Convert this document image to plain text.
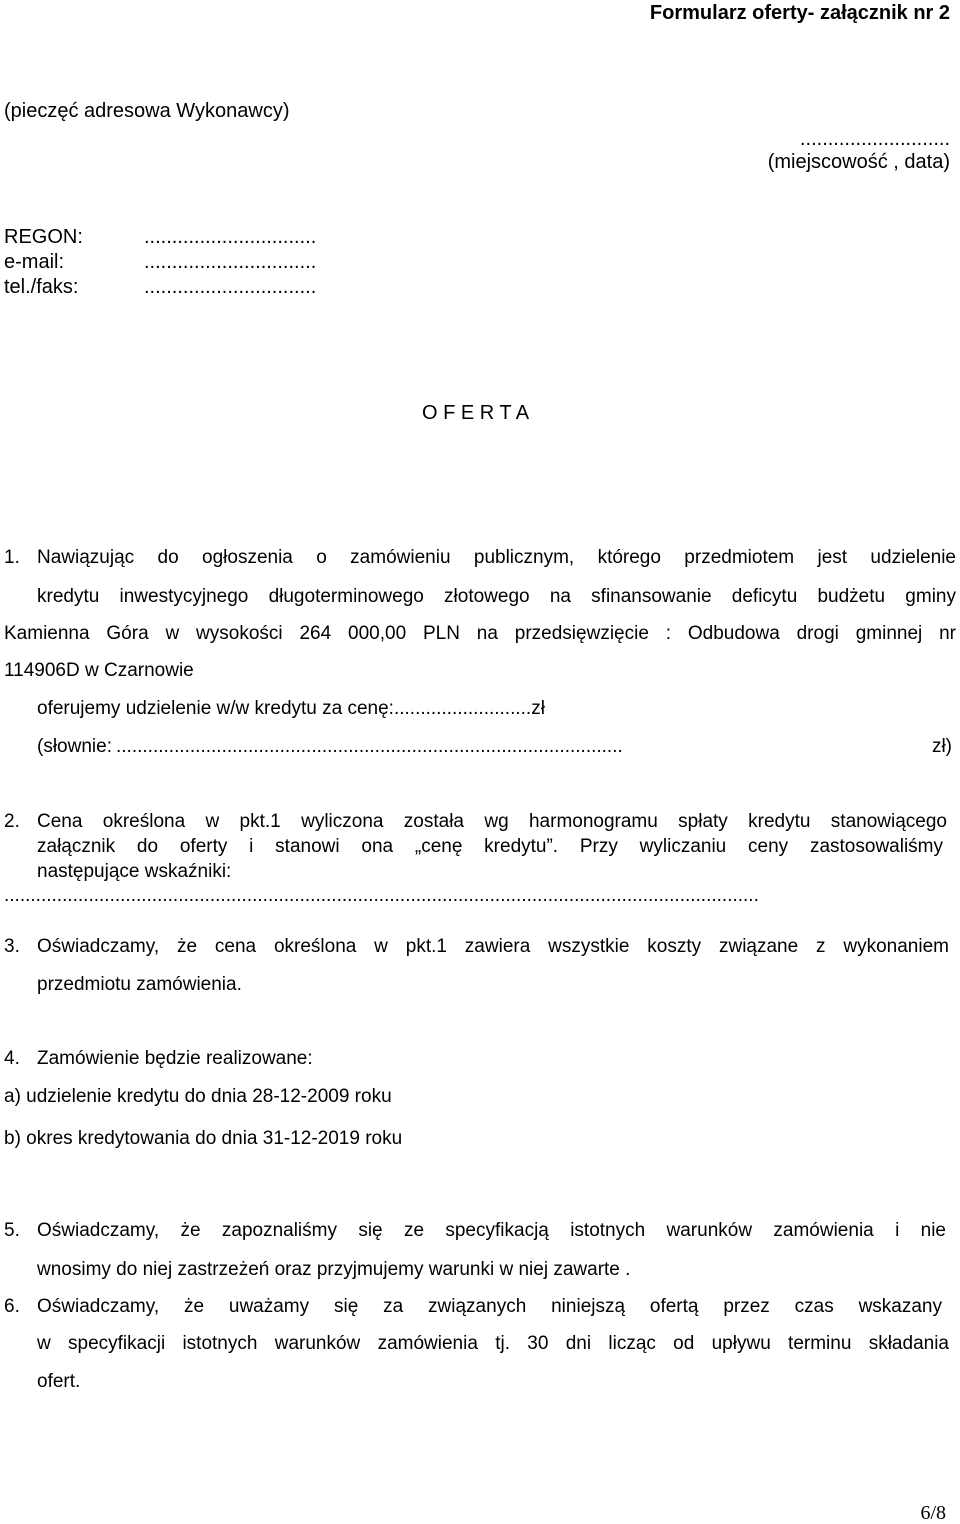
Formularz oferty- załącznik nr 2
(pieczęć adresowa Wykonawcy)
...........................
(miejscowość , data)
REGON:	...............................
e-mail:	...............................
tel./faks:	...............................
O F E R T A
1. Nawiązując do ogłoszenia o zamówieniu publicznym, którego przedmiotem jest udzielenie
kredytu inwestycyjnego długoterminowego złotowego na sfinansowanie deficytu budżetu gminy
Kamienna Góra w wysokości 264 000,00 PLN na przedsięwzięcie : Odbudowa drogi gminnej nr
114906D w Czarnowie
oferujemy udzielenie w/w kredytu za cenę:..........................zł
(słownie: ................................................................................................	zł)
2. Cena określona w pkt.1 wyliczona została wg harmonogramu spłaty kredytu stanowiącego
załącznik do oferty i stanowi ona „cenę kredytu”. Przy wyliczaniu ceny zastosowaliśmy
następujące wskaźniki:
...............................................................................................................................................
3. Oświadczamy, że cena określona w pkt.1 zawiera wszystkie koszty związane z wykonaniem
przedmiotu zamówienia.
4. Zamówienie będzie realizowane:
a) udzielenie kredytu do dnia 28-12-2009 roku
b) okres kredytowania do dnia 31-12-2019 roku
5. Oświadczamy, że zapoznaliśmy się ze specyfikacją istotnych warunków zamówienia i nie
wnosimy do niej zastrzeżeń oraz przyjmujemy warunki w niej zawarte .
6. Oświadczamy, że uważamy się za związanych niniejszą ofertą przez czas wskazany
w specyfikacji istotnych warunków zamówienia tj. 30 dni licząc od upływu terminu składania
ofert.
6/8
